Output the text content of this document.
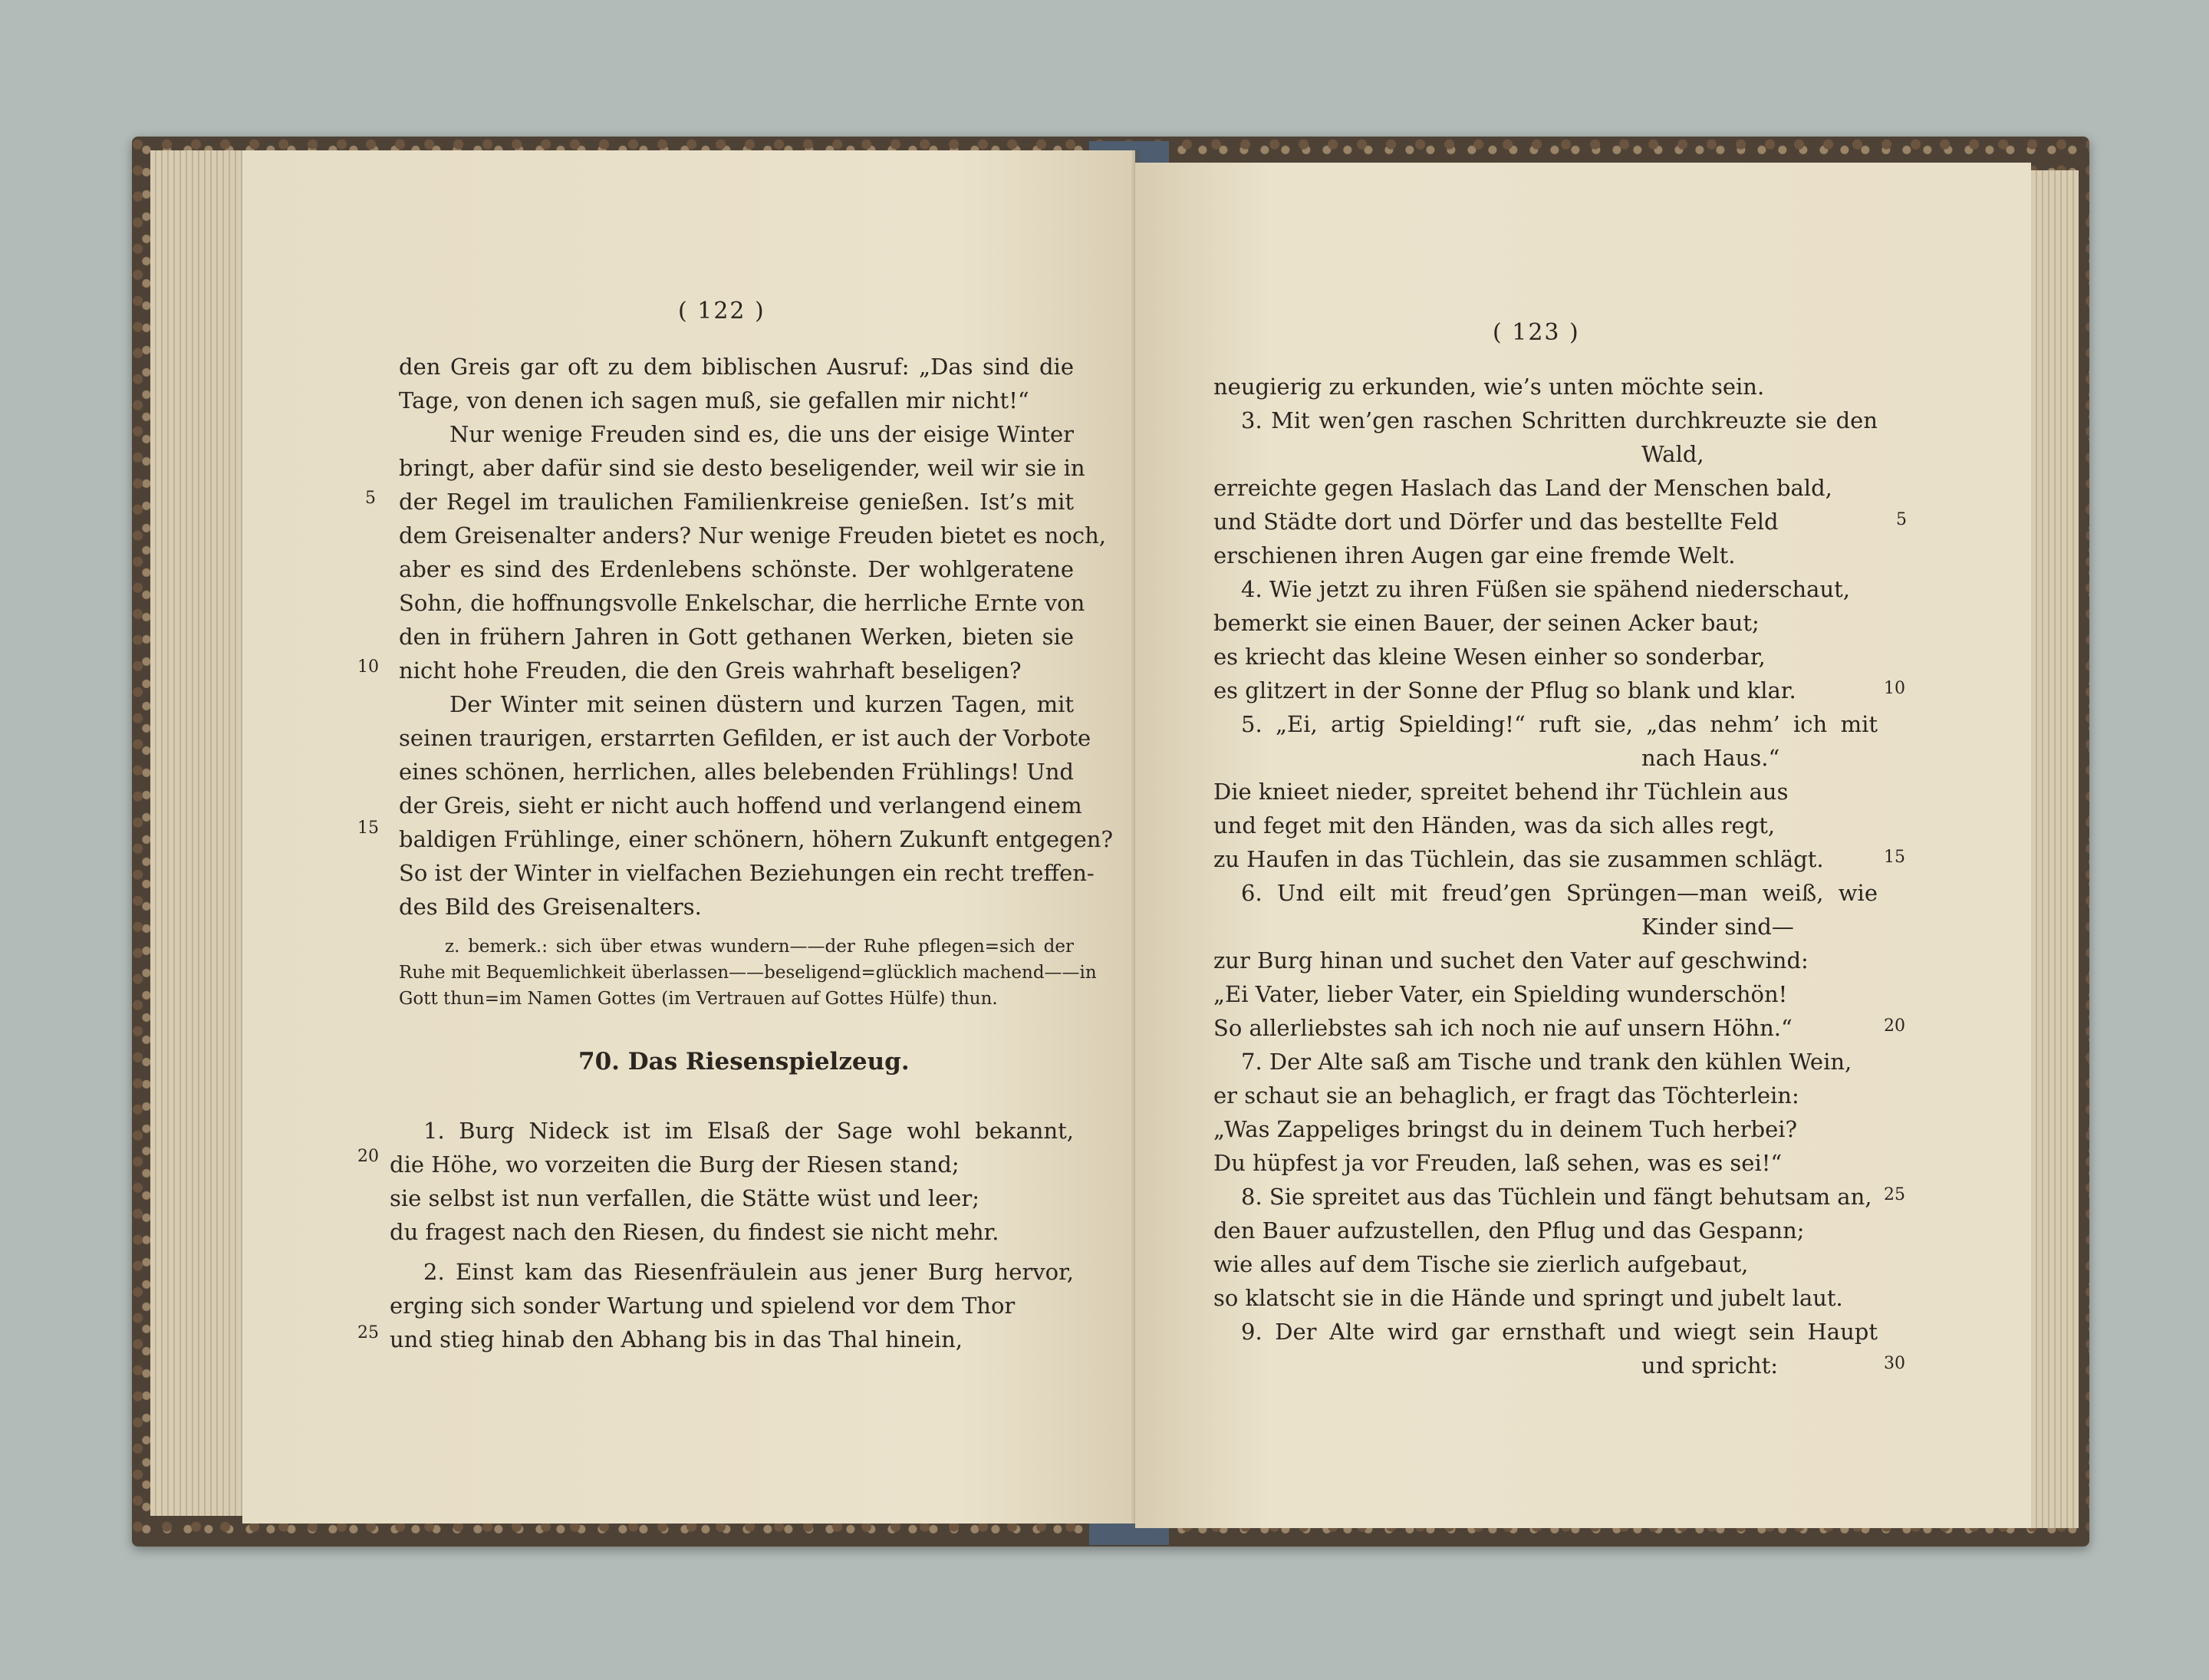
( 122 )
den Greis gar oft zu dem biblischen Ausruf: „Das sind die
Tage, von denen ich sagen muß, sie gefallen mir nicht!“
Nur wenige Freuden sind es, die uns der eisige Winter
bringt, aber dafür sind sie desto beseligender, weil wir sie in
der Regel im traulichen Familienkreise genießen. Ist’s mit
dem Greisenalter anders? Nur wenige Freuden bietet es noch,
aber es sind des Erdenlebens schönste. Der wohlgeratene
Sohn, die hoffnungsvolle Enkelschar, die herrliche Ernte von
den in frühern Jahren in Gott gethanen Werken, bieten sie
nicht hohe Freuden, die den Greis wahrhaft beseligen?
Der Winter mit seinen düstern und kurzen Tagen, mit
seinen traurigen, erstarrten Gefilden, er ist auch der Vorbote
eines schönen, herrlichen, alles belebenden Frühlings! Und
der Greis, sieht er nicht auch hoffend und verlangend einem
baldigen Frühlinge, einer schönern, höhern Zukunft entgegen?
So ist der Winter in vielfachen Beziehungen ein recht treffen-
des Bild des Greisenalters.
z. bemerk.: sich über etwas wundern——der Ruhe pflegen=sich der
Ruhe mit Bequemlichkeit überlassen——beseligend=glücklich machend——in
Gott thun=im Namen Gottes (im Vertrauen auf Gottes Hülfe) thun.
70. Das Riesenspielzeug.
1. Burg Nideck ist im Elsaß der Sage wohl bekannt,
die Höhe, wo vorzeiten die Burg der Riesen stand;
sie selbst ist nun verfallen, die Stätte wüst und leer;
du fragest nach den Riesen, du findest sie nicht mehr.
2. Einst kam das Riesenfräulein aus jener Burg hervor,
erging sich sonder Wartung und spielend vor dem Thor
und stieg hinab den Abhang bis in das Thal hinein,
5
10
15
20
25
( 123 )
neugierig zu erkunden, wie’s unten möchte sein.
3. Mit wen’gen raschen Schritten durchkreuzte sie den
Wald,
erreichte gegen Haslach das Land der Menschen bald,
und Städte dort und Dörfer und das bestellte Feld
erschienen ihren Augen gar eine fremde Welt.
4. Wie jetzt zu ihren Füßen sie spähend niederschaut,
bemerkt sie einen Bauer, der seinen Acker baut;
es kriecht das kleine Wesen einher so sonderbar,
es glitzert in der Sonne der Pflug so blank und klar.
5. „Ei, artig Spielding!“ ruft sie, „das nehm’ ich mit
nach Haus.“
Die knieet nieder, spreitet behend ihr Tüchlein aus
und feget mit den Händen, was da sich alles regt,
zu Haufen in das Tüchlein, das sie zusammen schlägt.
6. Und eilt mit freud’gen Sprüngen—man weiß, wie
Kinder sind—
zur Burg hinan und suchet den Vater auf geschwind:
„Ei Vater, lieber Vater, ein Spielding wunderschön!
So allerliebstes sah ich noch nie auf unsern Höhn.“
7. Der Alte saß am Tische und trank den kühlen Wein,
er schaut sie an behaglich, er fragt das Töchterlein:
„Was Zappeliges bringst du in deinem Tuch herbei?
Du hüpfest ja vor Freuden, laß sehen, was es sei!“
8. Sie spreitet aus das Tüchlein und fängt behutsam an,
den Bauer aufzustellen, den Pflug und das Gespann;
wie alles auf dem Tische sie zierlich aufgebaut,
so klatscht sie in die Hände und springt und jubelt laut.
9. Der Alte wird gar ernsthaft und wiegt sein Haupt
und spricht:
5
10
15
20
25
30
